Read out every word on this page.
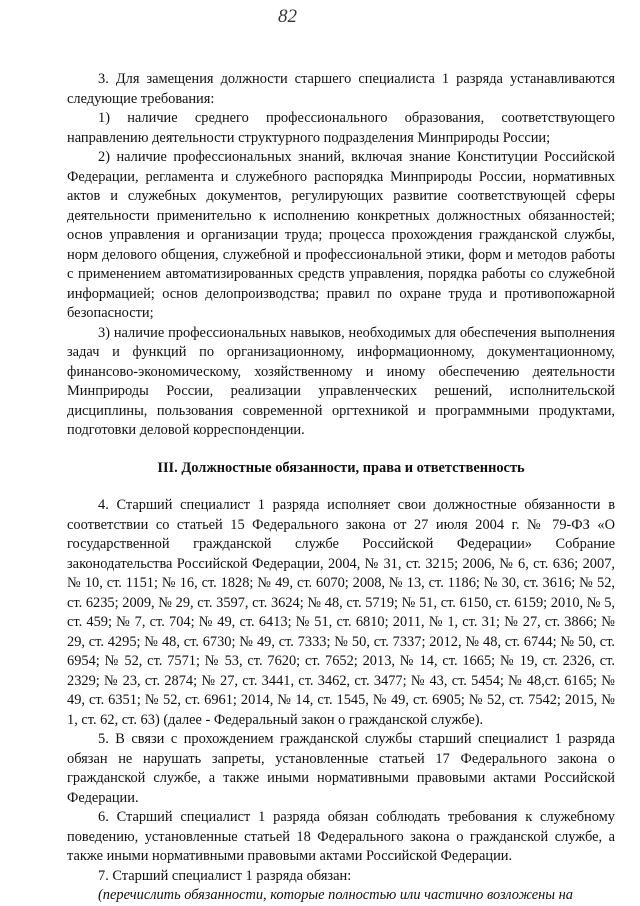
82

3. Для замещения должности старшего специалиста 1 разряда устанавливаются следующие требования:

1) наличие среднего профессионального образования, соответствующего направлению деятельности структурного подразделения Минприроды России;

2) наличие профессиональных знаний, включая знание Конституции Российской Федерации, регламента и служебного распорядка Минприроды России, нормативных актов и служебных документов, регулирующих развитие соответствующей сферы деятельности применительно к исполнению конкретных должностных обязанностей; основ управления и организации труда; процесса прохождения гражданской службы, норм делового общения, служебной и профессиональной этики, форм и методов работы с применением автоматизированных средств управления, порядка работы со служебной информацией; основ делопроизводства; правил по охране труда и противопожарной безопасности;

3) наличие профессиональных навыков, необходимых для обеспечения выполнения задач и функций по организационному, информационному, документационному, финансово-экономическому, хозяйственному и иному обеспечению деятельности Минприроды России, реализации управленческих решений, исполнительской дисциплины, пользования современной оргтехникой и программными продуктами, подготовки деловой корреспонденции.

III. Должностные обязанности, права и ответственность

4. Старший специалист 1 разряда исполняет свои должностные обязанности в соответствии со статьей 15 Федерального закона от 27 июля 2004 г. № 79-ФЗ «О государственной гражданской службе Российской Федерации» Собрание законодательства Российской Федерации, 2004, № 31, ст. 3215; 2006, № 6, ст. 636; 2007, № 10, ст. 1151; № 16, ст. 1828; № 49, ст. 6070; 2008, № 13, ст. 1186; № 30, ст. 3616; № 52, ст. 6235; 2009, № 29, ст. 3597, ст. 3624; № 48, ст. 5719; № 51, ст. 6150, ст. 6159; 2010, № 5, ст. 459; № 7, ст. 704; № 49, ст. 6413; № 51, ст. 6810; 2011, № 1, ст. 31; № 27, ст. 3866; № 29, ст. 4295; № 48, ст. 6730; № 49, ст. 7333; № 50, ст. 7337; 2012, № 48, ст. 6744; № 50, ст. 6954; № 52, ст. 7571; № 53, ст. 7620; ст. 7652; 2013, № 14, ст. 1665; № 19, ст. 2326, ст. 2329; № 23, ст. 2874; № 27, ст. 3441, ст. 3462, ст. 3477; № 43, ст. 5454; № 48,ст. 6165; № 49, ст. 6351; № 52, ст. 6961; 2014, № 14, ст. 1545, № 49, ст. 6905; № 52, ст. 7542; 2015, № 1, ст. 62, ст. 63) (далее - Федеральный закон о гражданской службе).

5. В связи с прохождением гражданской службы старший специалист 1 разряда обязан не нарушать запреты, установленные статьей 17 Федерального закона о гражданской службе, а также иными нормативными правовыми актами Российской Федерации.

6. Старший специалист 1 разряда обязан соблюдать требования к служебному поведению, установленные статьей 18 Федерального закона о гражданской службе, а также иными нормативными правовыми актами Российской Федерации.

7. Старший специалист 1 разряда обязан:

(перечислить обязанности, которые полностью или частично возложены на
